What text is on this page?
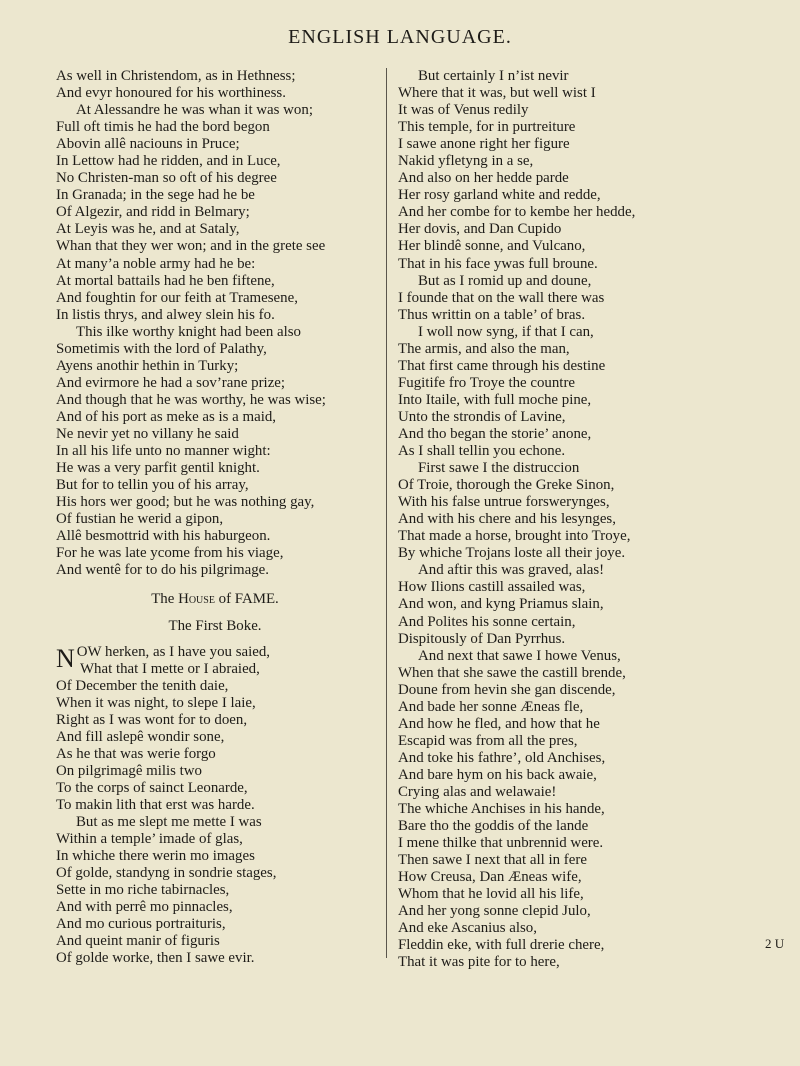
ENGLISH LANGUAGE.
As well in Christendom, as in Hethness;
And evyr honoured for his worthiness.
At Alessandre he was whan it was won;
Full oft timis he had the bord begon
Abovin allê naciouns in Pruce;
In Lettow had he ridden, and in Luce,
No Christen-man so oft of his degree
In Granada; in the sege had he be
Of Algezir, and ridd in Belmary;
At Leyis was he, and at Sataly,
Whan that they wer won; and in the grete see
At many’a noble army had he be:
At mortal battails had he ben fiftene,
And foughtin for our feith at Tramesene,
In listis thrys, and alwey slein his fo.
This ilke worthy knight had been also
Sometimis with the lord of Palathy,
Ayens anothir hethin in Turky;
And evirmore he had a sov’rane prize;
And though that he was worthy, he was wise;
And of his port as meke as is a maid,
Ne nevir yet no villany he said
In all his life unto no manner wight:
He was a very parfit gentil knight.
But for to tellin you of his array,
His hors wer good; but he was nothing gay,
Of fustian he werid a gipon,
Allê besmottrid with his haburgeon.
For he was late ycome from his viage,
And wentê for to do his pilgrimage.
The House of FAME.
The First Boke.
NOW herken, as I have you saied,
What that I mette or I abraied,
Of December the tenith daie,
When it was night, to slepe I laie,
Right as I was wont for to doen,
And fill aslepê wondir sone,
As he that was werie forgo
On pilgrimagê milis two
To the corps of sainct Leonarde,
To makin lith that erst was harde.
But as me slept me mette I was
Within a temple’ imade of glas,
In whiche there werin mo images
Of golde, standyng in sondrie stages,
Sette in mo riche tabirnacles,
And with perrê mo pinnacles,
And mo curious portraituris,
And queint manir of figuris
Of golde worke, then I sawe evir.
But certainly I n’ist nevir
Where that it was, but well wist I
It was of Venus redily
This temple, for in purtreiture
I sawe anone right her figure
Nakid yfletyng in a se,
And also on her hedde parde
Her rosy garland white and redde,
And her combe for to kembe her hedde,
Her dovis, and Dan Cupido
Her blindê sonne, and Vulcano,
That in his face ywas full broune.
But as I romid up and doune,
I founde that on the wall there was
Thus writtin on a table’ of bras.
I woll now syng, if that I can,
The armis, and also the man,
That first came through his destine
Fugitife fro Troye the countre
Into Itaile, with full moche pine,
Unto the strondis of Lavine,
And tho began the storie’ anone,
As I shall tellin you echone.
First sawe I the distruccion
Of Troie, thorough the Greke Sinon,
With his false untrue forswerynges,
And with his chere and his lesynges,
That made a horse, brought into Troye,
By whiche Trojans loste all their joye.
And aftir this was graved, alas!
How Ilions castill assailed was,
And won, and kyng Priamus slain,
And Polites his sonne certain,
Dispitously of Dan Pyrrhus.
And next that sawe I howe Venus,
When that she sawe the castill brende,
Doune from hevin she gan discende,
And bade her sonne Æneas fle,
And how he fled, and how that he
Escapid was from all the pres,
And toke his fathre’, old Anchises,
And bare hym on his back awaie,
Crying alas and welawaie!
The whiche Anchises in his hande,
Bare tho the goddis of the lande
I mene thilke that unbrennid were.
Then sawe I next that all in fere
How Creusa, Dan Æneas wife,
Whom that he lovid all his life,
And her yong sonne clepid Julo,
And eke Ascanius also,
Fleddin eke, with full drerie chere,
That it was pite for to here,
2 U
